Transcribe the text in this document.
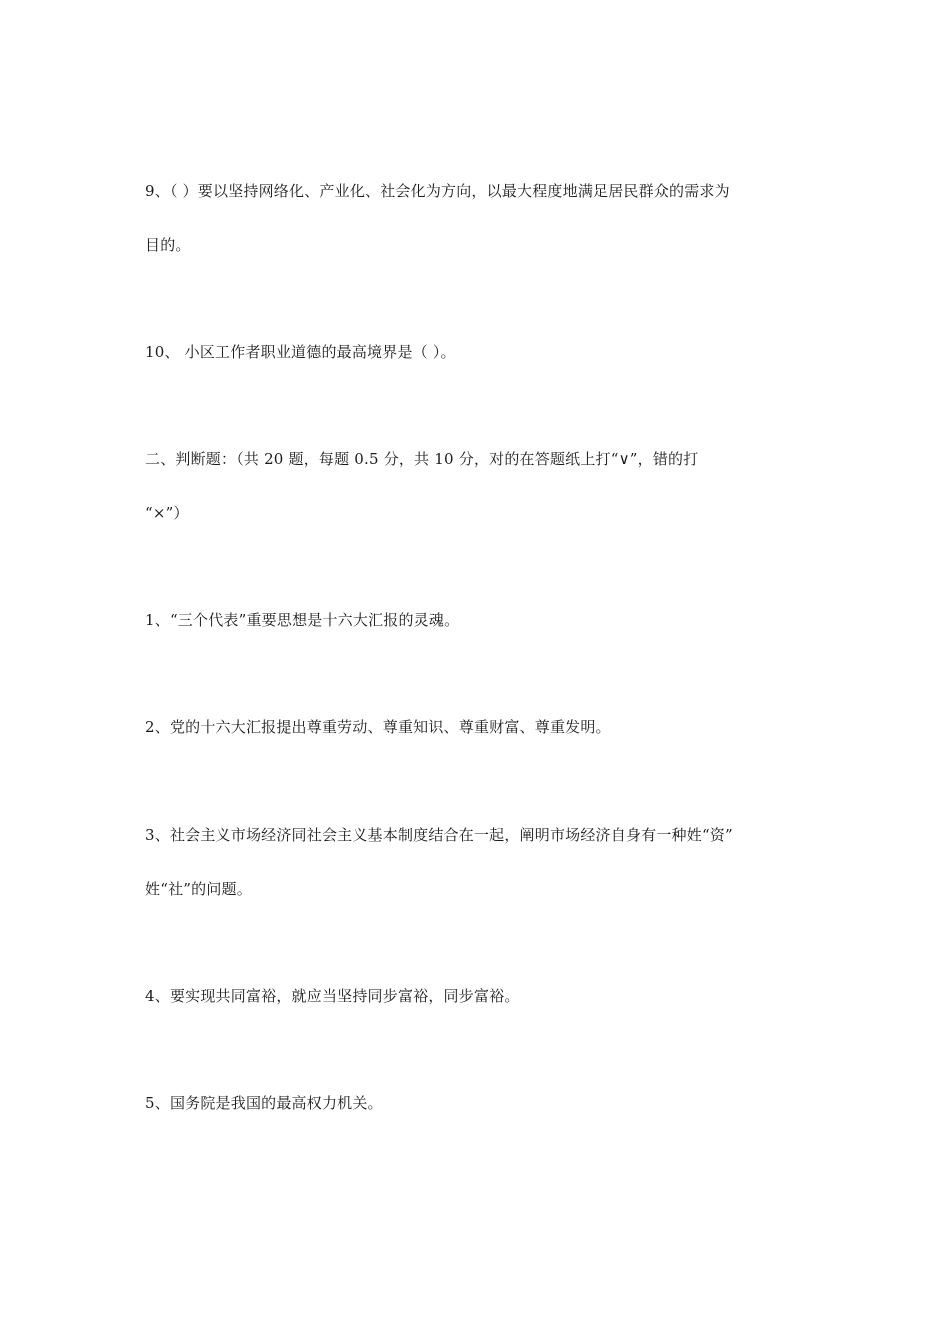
9、（ ）要以坚持网络化、产业化、社会化为方向，以最大程度地满足居民群众的需求为
目的。
10、 小区工作者职业道德的最高境界是（ ）。
二、判断题：（共 20 题，每题 0.5 分，共 10 分，对的在答题纸上打“∨”，错的打
“×”）
1、“三个代表”重要思想是十六大汇报的灵魂。
2、党的十六大汇报提出尊重劳动、尊重知识、尊重财富、尊重发明。
3、社会主义市场经济同社会主义基本制度结合在一起，阐明市场经济自身有一种姓“资”
姓“社”的问题。
4、要实现共同富裕，就应当坚持同步富裕，同步富裕。
5、国务院是我国的最高权力机关。
